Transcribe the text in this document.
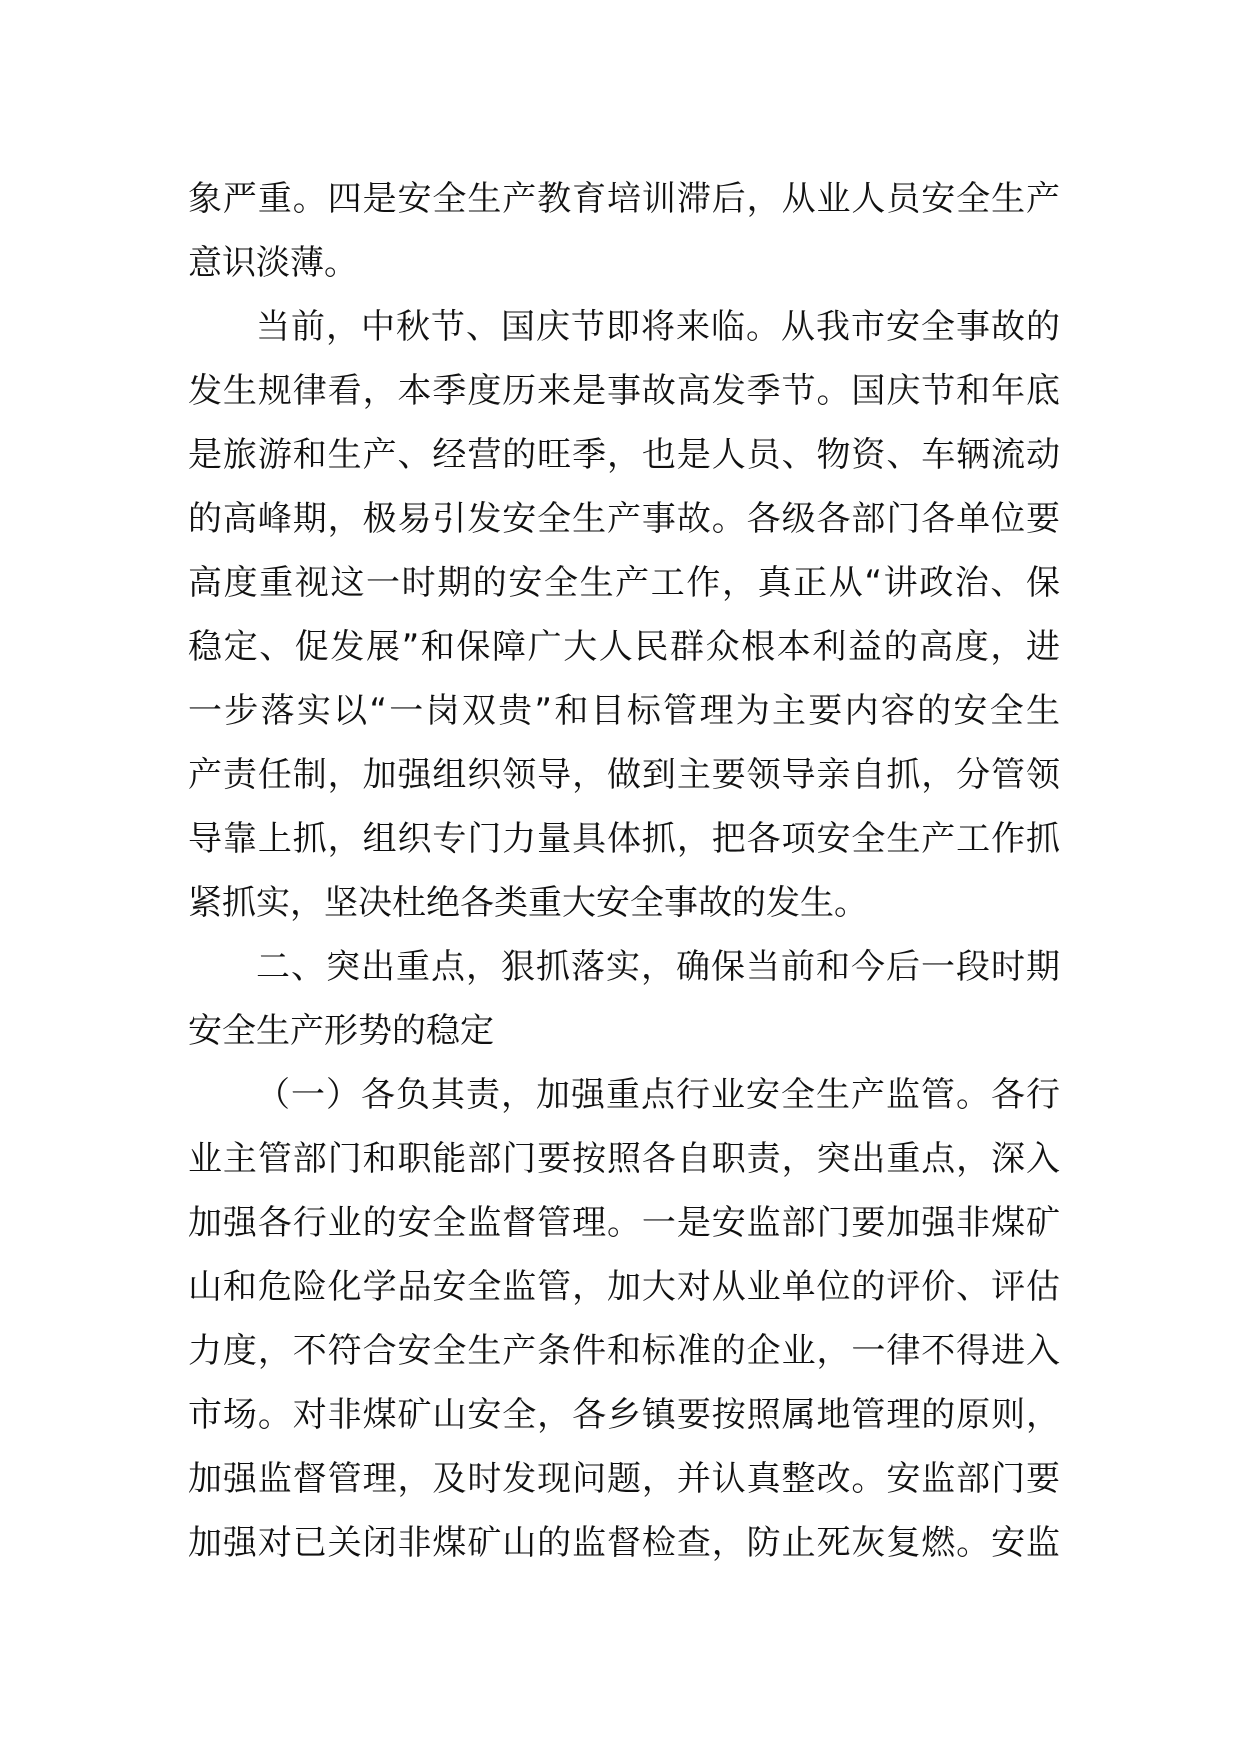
象严重。四是安全生产教育培训滞后，从业人员安全生产
意识淡薄。
当前，中秋节、国庆节即将来临。从我市安全事故的
发生规律看，本季度历来是事故高发季节。国庆节和年底
是旅游和生产、经营的旺季，也是人员、物资、车辆流动
的高峰期，极易引发安全生产事故。各级各部门各单位要
高度重视这一时期的安全生产工作，真正从“讲政治、保
稳定、促发展”和保障广大人民群众根本利益的高度，进
一步落实以“一岗双贵”和目标管理为主要内容的安全生
产责任制，加强组织领导，做到主要领导亲自抓，分管领
导靠上抓，组织专门力量具体抓，把各项安全生产工作抓
紧抓实，坚决杜绝各类重大安全事故的发生。
二、突出重点，狠抓落实，确保当前和今后一段时期
安全生产形势的稳定
（一）各负其责，加强重点行业安全生产监管。各行
业主管部门和职能部门要按照各自职责，突出重点，深入
加强各行业的安全监督管理。一是安监部门要加强非煤矿
山和危险化学品安全监管，加大对从业单位的评价、评估
力度，不符合安全生产条件和标准的企业，一律不得进入
市场。对非煤矿山安全，各乡镇要按照属地管理的原则，
加强监督管理，及时发现问题，并认真整改。安监部门要
加强对已关闭非煤矿山的监督检查，防止死灰复燃。安监
